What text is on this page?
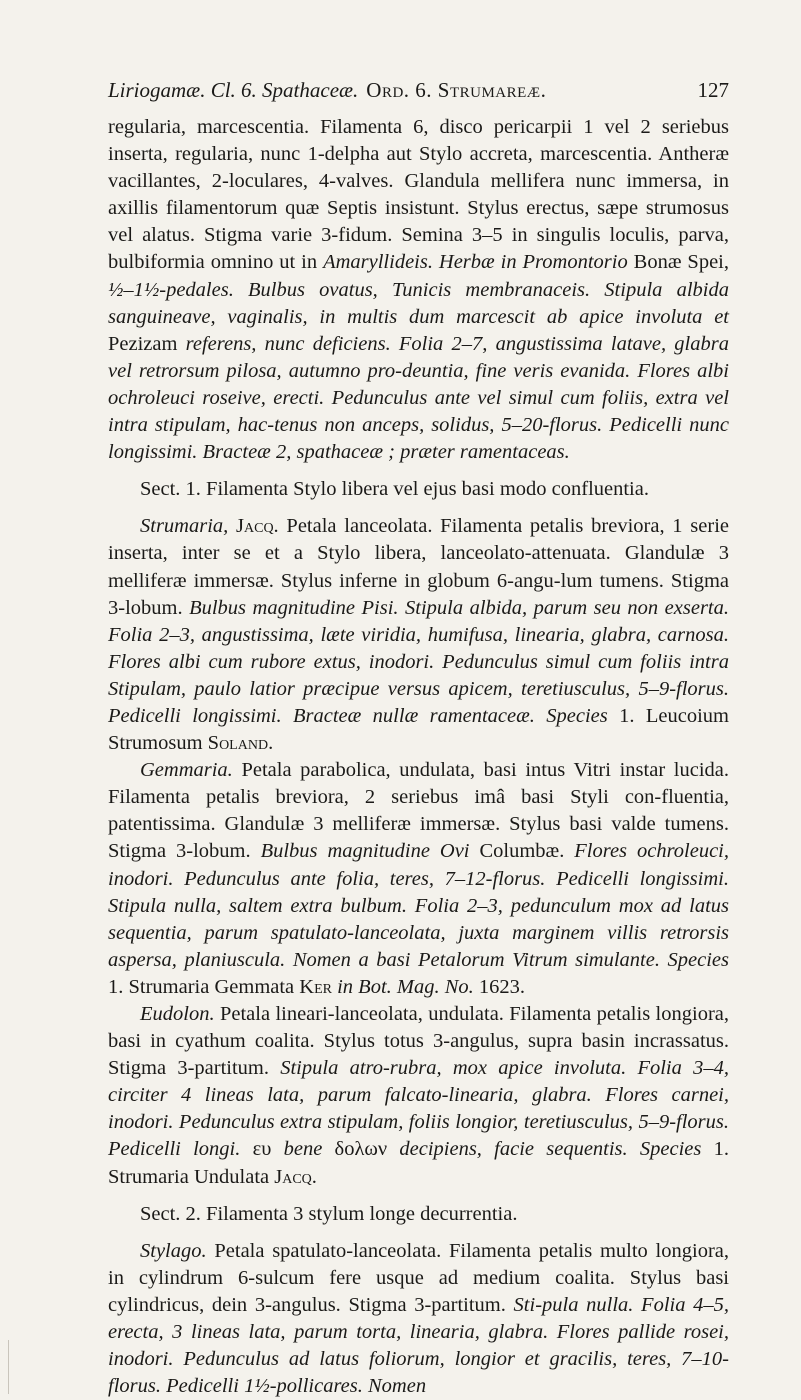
Liriogamæ. Cl. 6. Spathaceæ. Ord. 6. Strumareæ.	127

regularia, marcescentia. Filamenta 6, disco pericarpii 1 vel 2 seriebus inserta, regularia, nunc 1-delpha aut Stylo accreta, marcescentia. Antheræ vacillantes, 2-loculares, 4-valves. Glandula mellifera nunc immersa, in axillis filamentorum quæ Septis insistunt. Stylus erectus, sæpe strumosus vel alatus. Stigma varie 3-fidum. Semina 3–5 in singulis loculis, parva, bulbiformia omnino ut in Amaryllideis. Herbæ in Promontorio Bonæ Spei, ½–1½-pedales. Bulbus ovatus, Tunicis membranaceis. Stipula albida sanguineave, vaginalis, in multis dum marcescit ab apice involuta et Pezizam referens, nunc deficiens. Folia 2–7, angustissima latave, glabra vel retrorsum pilosa, autumno pro-deuntia, fine veris evanida. Flores albi ochroleuci roseive, erecti. Pedunculus ante vel simul cum foliis, extra vel intra stipulam, hac-tenus non anceps, solidus, 5–20-florus. Pedicelli nunc longissimi. Bracteæ 2, spathaceæ ; præter ramentaceas.

Sect. 1. Filamenta Stylo libera vel ejus basi modo confluentia.

Strumaria, Jacq. Petala lanceolata. Filamenta petalis breviora, 1 serie inserta, inter se et a Stylo libera, lanceolato-attenuata. Glandulæ 3 melliferæ immersæ. Stylus inferne in globum 6-angu-lum tumens. Stigma 3-lobum. Bulbus magnitudine Pisi. Stipula albida, parum seu non exserta. Folia 2–3, angustissima, læte viridia, humifusa, linearia, glabra, carnosa. Flores albi cum rubore extus, inodori. Pedunculus simul cum foliis intra Stipulam, paulo latior præcipue versus apicem, teretiusculus, 5–9-florus. Pedicelli longissimi. Bracteæ nullæ ramentaceæ. Species 1. Leucoium Strumosum Soland.

Gemmaria. Petala parabolica, undulata, basi intus Vitri instar lucida. Filamenta petalis breviora, 2 seriebus imâ basi Styli con-fluentia, patentissima. Glandulæ 3 melliferæ immersæ. Stylus basi valde tumens. Stigma 3-lobum. Bulbus magnitudine Ovi Columbæ. Flores ochroleuci, inodori. Pedunculus ante folia, teres, 7–12-florus. Pedicelli longissimi. Stipula nulla, saltem extra bulbum. Folia 2–3, pedunculum mox ad latus sequentia, parum spatulato-lanceolata, juxta marginem villis retrorsis aspersa, planiuscula. Nomen a basi Petalorum Vitrum simulante. Species 1. Strumaria Gemmata Ker in Bot. Mag. No. 1623.

Eudolon. Petala lineari-lanceolata, undulata. Filamenta petalis longiora, basi in cyathum coalita. Stylus totus 3-angulus, supra basin incrassatus. Stigma 3-partitum. Stipula atro-rubra, mox apice involuta. Folia 3–4, circiter 4 lineas lata, parum falcato-linearia, glabra. Flores carnei, inodori. Pedunculus extra stipulam, foliis longior, teretiusculus, 5–9-florus. Pedicelli longi. ευ bene δολων decipiens, facie sequentis. Species 1. Strumaria Undulata Jacq.

Sect. 2. Filamenta 3 stylum longe decurrentia.

Stylago. Petala spatulato-lanceolata. Filamenta petalis multo longiora, in cylindrum 6-sulcum fere usque ad medium coalita. Stylus basi cylindricus, dein 3-angulus. Stigma 3-partitum. Sti-pula nulla. Folia 4–5, erecta, 3 lineas lata, parum torta, linearia, glabra. Flores pallide rosei, inodori. Pedunculus ad latus foliorum, longior et gracilis, teres, 7–10-florus. Pedicelli 1½-pollicares. Nomen
